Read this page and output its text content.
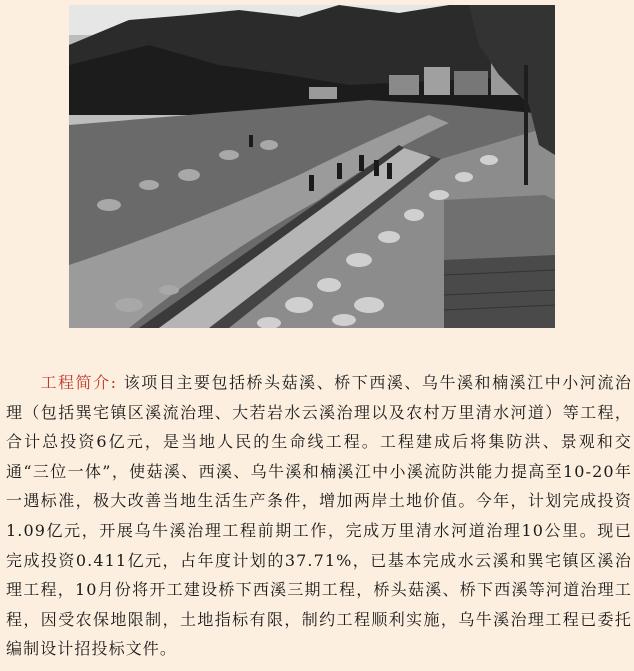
工程简介: 该项目主要包括桥头菇溪、桥下西溪、乌牛溪和楠溪江中小河流治理（包括巽宅镇区溪流治理、大若岩水云溪治理以及农村万里清水河道）等工程，合计总投资6亿元，是当地人民的生命线工程。工程建成后将集防洪、景观和交通“三位一体”，使菇溪、西溪、乌牛溪和楠溪江中小溪流防洪能力提高至10-20年一遇标准，极大改善当地生活生产条件，增加两岸土地价值。今年，计划完成投资1.09亿元，开展乌牛溪治理工程前期工作，完成万里清水河道治理10公里。现已完成投资0.411亿元，占年度计划的37.71%，已基本完成水云溪和巽宅镇区溪治理工程，10月份将开工建设桥下西溪三期工程，桥头菇溪、桥下西溪等河道治理工程，因受农保地限制，土地指标有限，制约工程顺利实施，乌牛溪治理工程已委托编制设计招投标文件。
